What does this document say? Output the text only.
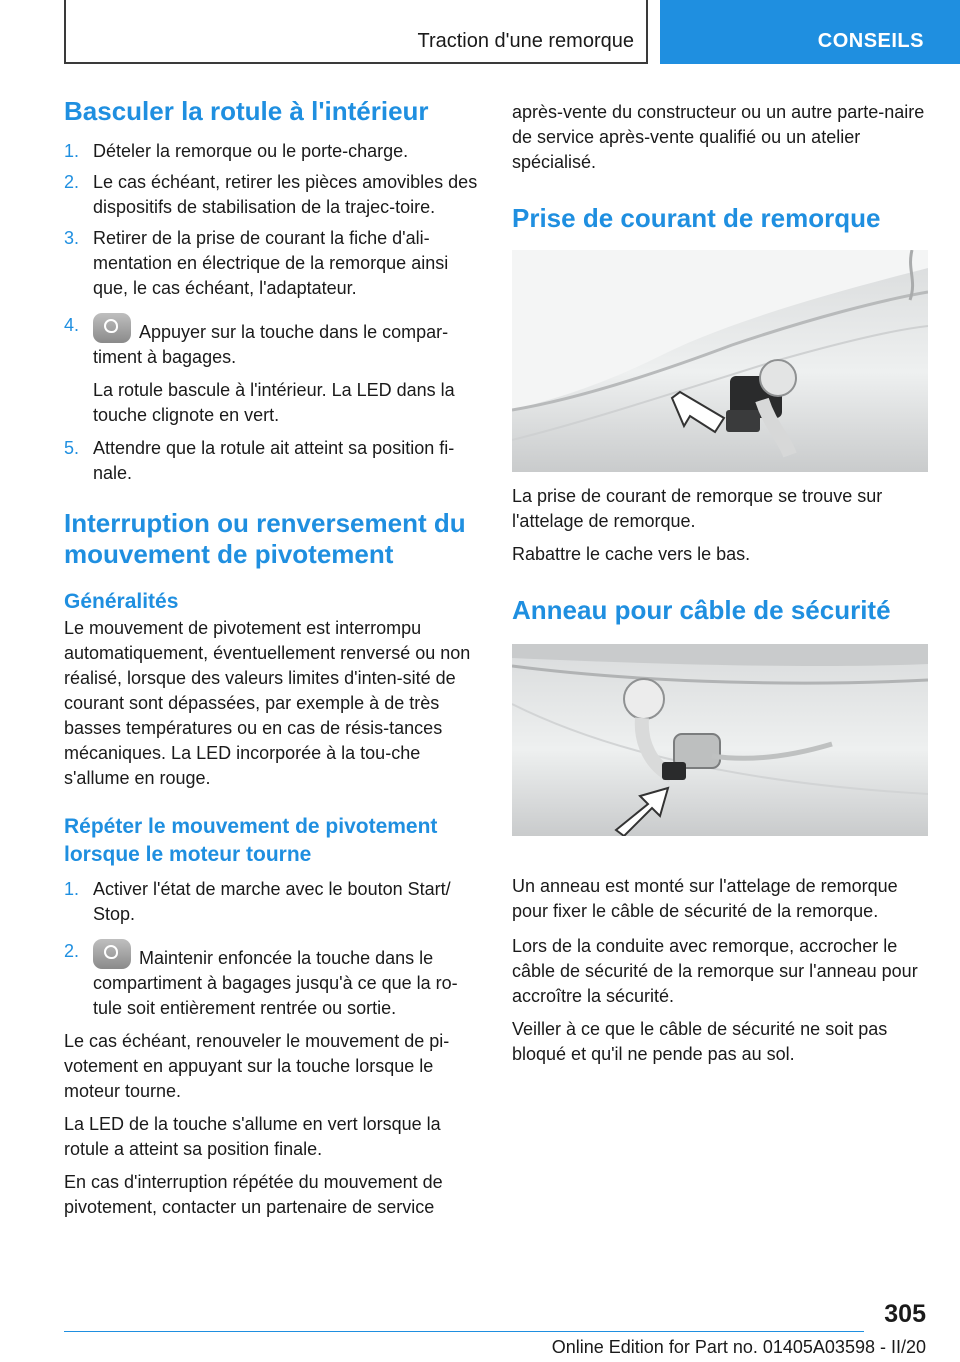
Traction d'une remorque	CONSEILS
Basculer la rotule à l'intérieur
1. Dételer la remorque ou le porte-charge.
2. Le cas échéant, retirer les pièces amovibles des dispositifs de stabilisation de la trajec-toire.
3. Retirer de la prise de courant la fiche d'ali-mentation en électrique de la remorque ainsi que, le cas échéant, l'adaptateur.
4.	Appuyer sur la touche dans le compar-timent à bagages.
La rotule bascule à l'intérieur. La LED dans la touche clignote en vert.
5. Attendre que la rotule ait atteint sa position fi-nale.
Interruption ou renversement du mouvement de pivotement
Généralités

Le mouvement de pivotement est interrompu automatiquement, éventuellement renversé ou non réalisé, lorsque des valeurs limites d'inten-sité de courant sont dépassées, par exemple à de très basses températures ou en cas de résis-tances mécaniques. La LED incorporée à la tou-che s'allume en rouge.

Répéter le mouvement de pivotement lorsque le moteur tourne
1. Activer l'état de marche avec le bouton Start/ Stop.
2.	Maintenir enfoncée la touche dans le compartiment à bagages jusqu'à ce que la ro-tule soit entièrement rentrée ou sortie.

Le cas échéant, renouveler le mouvement de pi-votement en appuyant sur la touche lorsque le moteur tourne.

La LED de la touche s'allume en vert lorsque la rotule a atteint sa position finale.

En cas d'interruption répétée du mouvement de pivotement, contacter un partenaire de service

après-vente du constructeur ou un autre parte-naire de service après-vente qualifié ou un atelier spécialisé.

Prise de courant de remorque

La prise de courant de remorque se trouve sur l'attelage de remorque.

Rabattre le cache vers le bas.

Anneau pour câble de sécurité

Un anneau est monté sur l'attelage de remorque pour fixer le câble de sécurité de la remorque.

Lors de la conduite avec remorque, accrocher le câble de sécurité de la remorque sur l'anneau pour accroître la sécurité.

Veiller à ce que le câble de sécurité ne soit pas bloqué et qu'il ne pende pas au sol.

305
Online Edition for Part no. 01405A03598 - II/20
